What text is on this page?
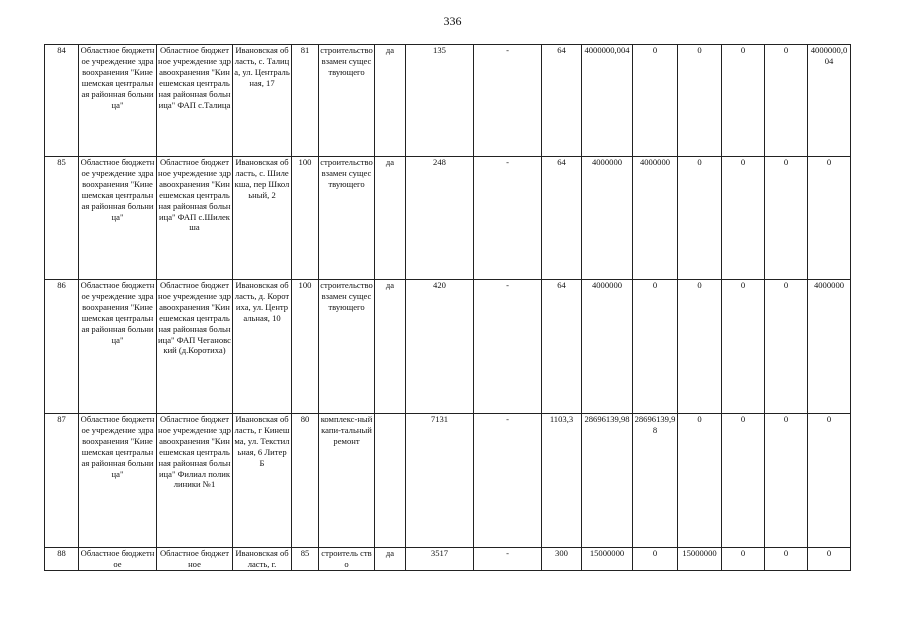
336
84	Областное бюджетное учреждение здравоохранения "Кинешемская центральная районная больница"	Областное бюджетное учреждение здравоохранения "Кинешемская центральная районная больница" ФАП с.Талица	Ивановская область, с. Талица, ул. Центральная, 17	81	строительство взамен существующего	да	135	-	64	4000000,004	0	0	0	0	4000000,004
85	Областное бюджетное учреждение здравоохранения "Кинешемская центральная районная больница"	Областное бюджетное учреждение здравоохранения "Кинешемская центральная районная больница" ФАП с.Шилекша	Ивановская область, с. Шилекша, пер Школьный, 2	100	строительство взамен существующего	да	248	-	64	4000000	4000000	0	0	0	0
86	Областное бюджетное учреждение здравоохранения "Кинешемская центральная районная больница"	Областное бюджетное учреждение здравоохранения "Кинешемская центральная районная больница" ФАП Чегановский (д.Коротиха)	Ивановская область, д. Коротиха, ул. Центральная, 10	100	строительство взамен существующего	да	420	-	64	4000000	0	0	0	0	4000000
87	Областное бюджетное учреждение здравоохранения "Кинешемская центральная районная больница"	Областное бюджетное учреждение здравоохранения "Кинешемская центральная районная больница" Филиал поликлиники №1	Ивановская область, г Кинешма, ул. Текстильная, 6 Литер Б	80	комплекс-ный капи-тальный ремонт		7131	-	1103,3	28696139,98	28696139,98	0	0	0	0
88	Областное бюджетное	Областное бюджетное	Ивановская область, г.	85	строитель ство	да	3517	-	300	15000000	0	15000000	0	0	0
